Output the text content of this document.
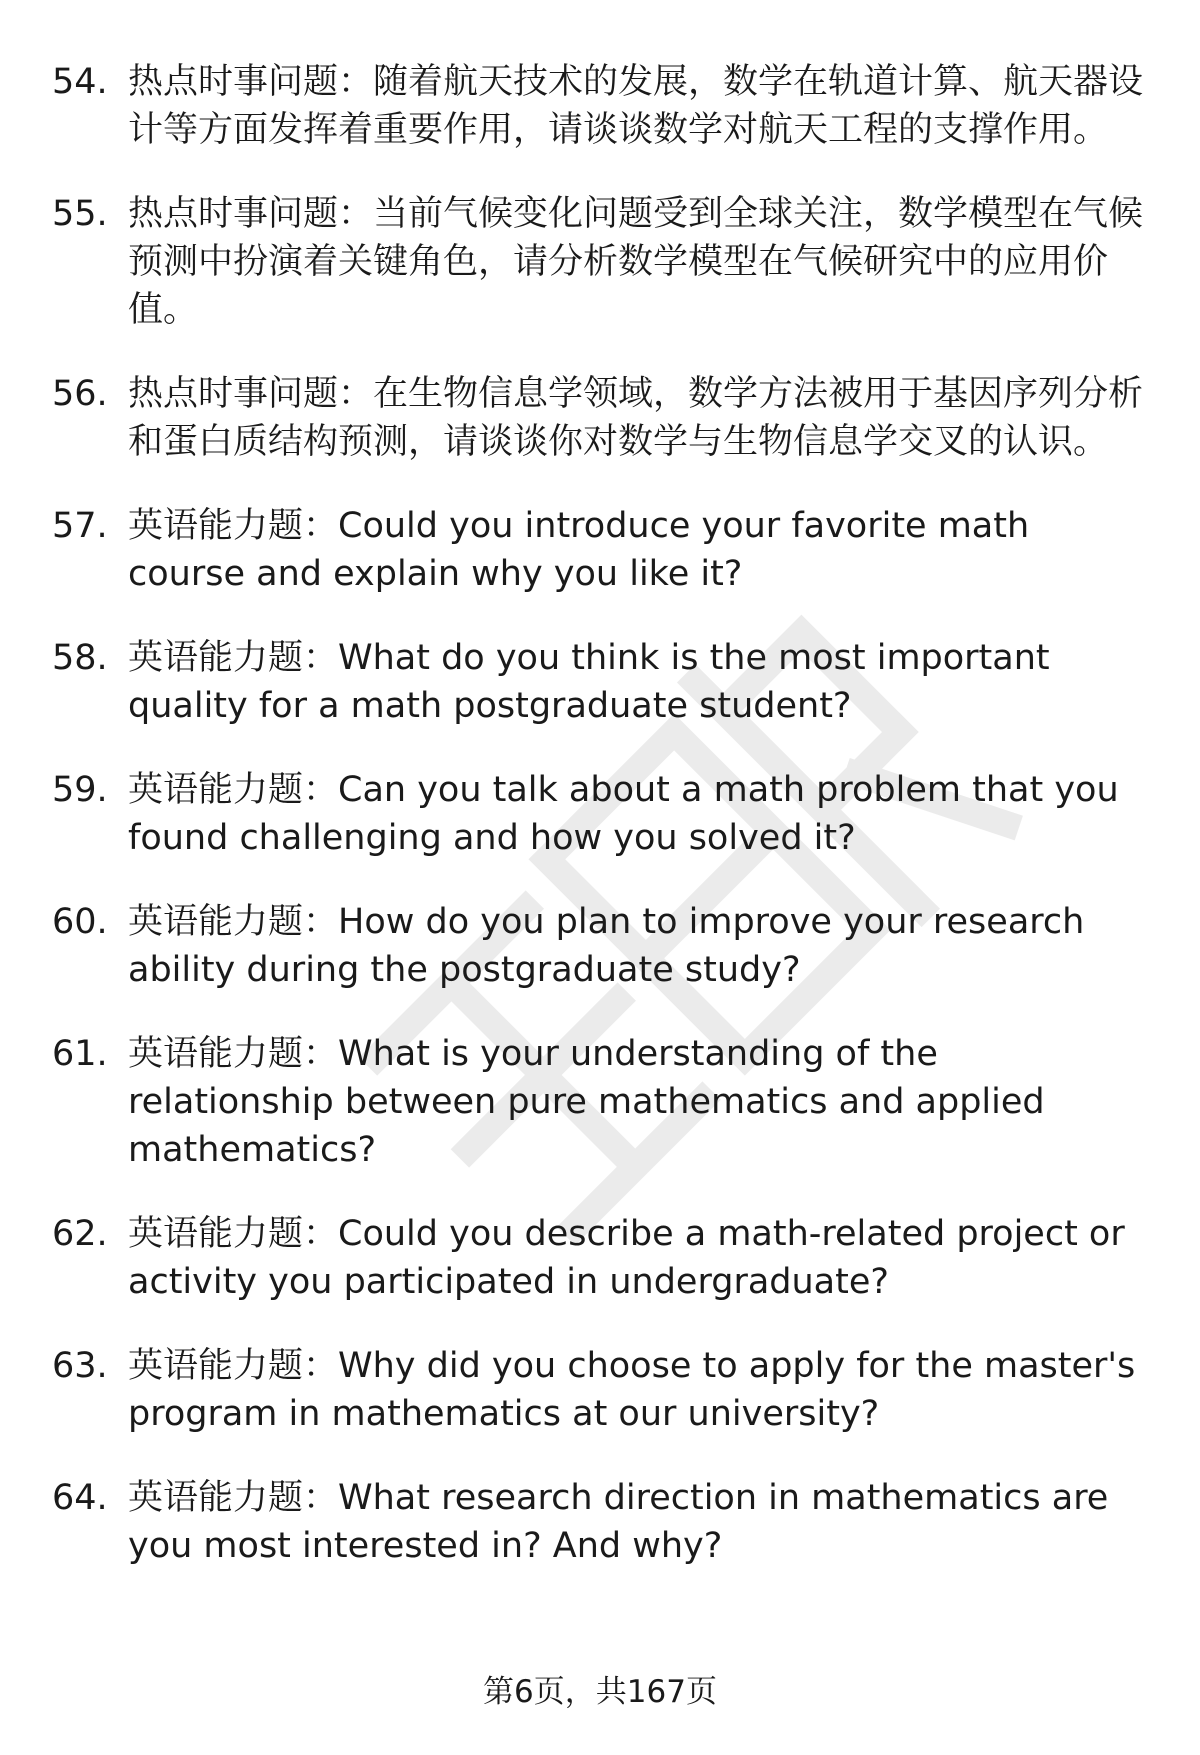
54. 热点时事问题：随着航天技术的发展，数学在轨道计算、航天器设计等方面发挥着重要作用，请谈谈数学对航天工程的支撑作用。
55. 热点时事问题：当前气候变化问题受到全球关注，数学模型在气候预测中扮演着关键角色，请分析数学模型在气候研究中的应用价值。
56. 热点时事问题：在生物信息学领域，数学方法被用于基因序列分析和蛋白质结构预测，请谈谈你对数学与生物信息学交叉的认识。
57. 英语能力题：Could you introduce your favorite math course and explain why you like it?
58. 英语能力题：What do you think is the most important quality for a math postgraduate student?
59. 英语能力题：Can you talk about a math problem that you found challenging and how you solved it?
60. 英语能力题：How do you plan to improve your research ability during the postgraduate study?
61. 英语能力题：What is your understanding of the relationship between pure mathematics and applied mathematics?
62. 英语能力题：Could you describe a math-related project or activity you participated in undergraduate?
63. 英语能力题：Why did you choose to apply for the master's program in mathematics at our university?
64. 英语能力题：What research direction in mathematics are you most interested in? And why?
第6页，共167页
